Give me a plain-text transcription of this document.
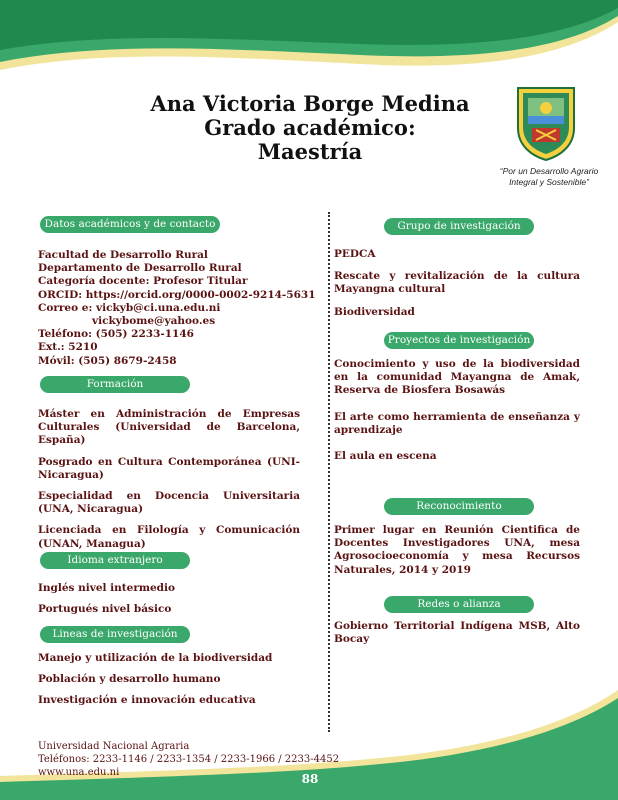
Ana Victoria Borge Medina
Grado académico: Maestría
“Por un Desarrollo Agrario Integral y Sostenible”
Datos académicos y de contacto

Facultad de Desarrollo Rural

Departamento de Desarrollo Rural

Categoría docente: Profesor Titular

ORCID: https://orcid.org/0000-0002-9214-5631

Correo e: vickyb@ci.una.edu.ni

vickybome@yahoo.es

Teléfono: (505) 2233-1146

Ext.: 5210

Móvil: (505) 8679-2458

Formación

Máster en Administración de Empresas Culturales (Universidad de Barcelona, España)

Posgrado en Cultura Contemporánea (UNI-Nicaragua)

Especialidad en Docencia Universitaria (UNA, Nicaragua)

Licenciada en Filología y Comunicación (UNAN, Managua)

Idioma extranjero

Inglés nivel intermedio

Portugués nivel básico

Lineas de investigación

Manejo y utilización de la biodiversidad

Población y desarrollo humano

Investigación e innovación educativa

Grupo de investigación

PEDCA

Rescate y revitalización de la cultura Mayangna cultural

Biodiversidad

Proyectos de investigación

Conocimiento y uso de la biodiversidad en la comunidad Mayangna de Amak, Reserva de Biosfera Bosawás

El arte como herramienta de enseñanza y aprendizaje

El aula en escena

Reconocimiento

Primer lugar en Reunión Cientifica de Docentes Investigadores UNA, mesa Agrosocioeconomía y mesa Recursos Naturales, 2014 y 2019

Redes o alianza

Gobierno Territorial Indígena MSB, Alto Bocay

Universidad Nacional Agraria
Teléfonos: 2233-1146 / 2233-1354 / 2233-1966 / 2233-4452
www.una.edu.ni	88
